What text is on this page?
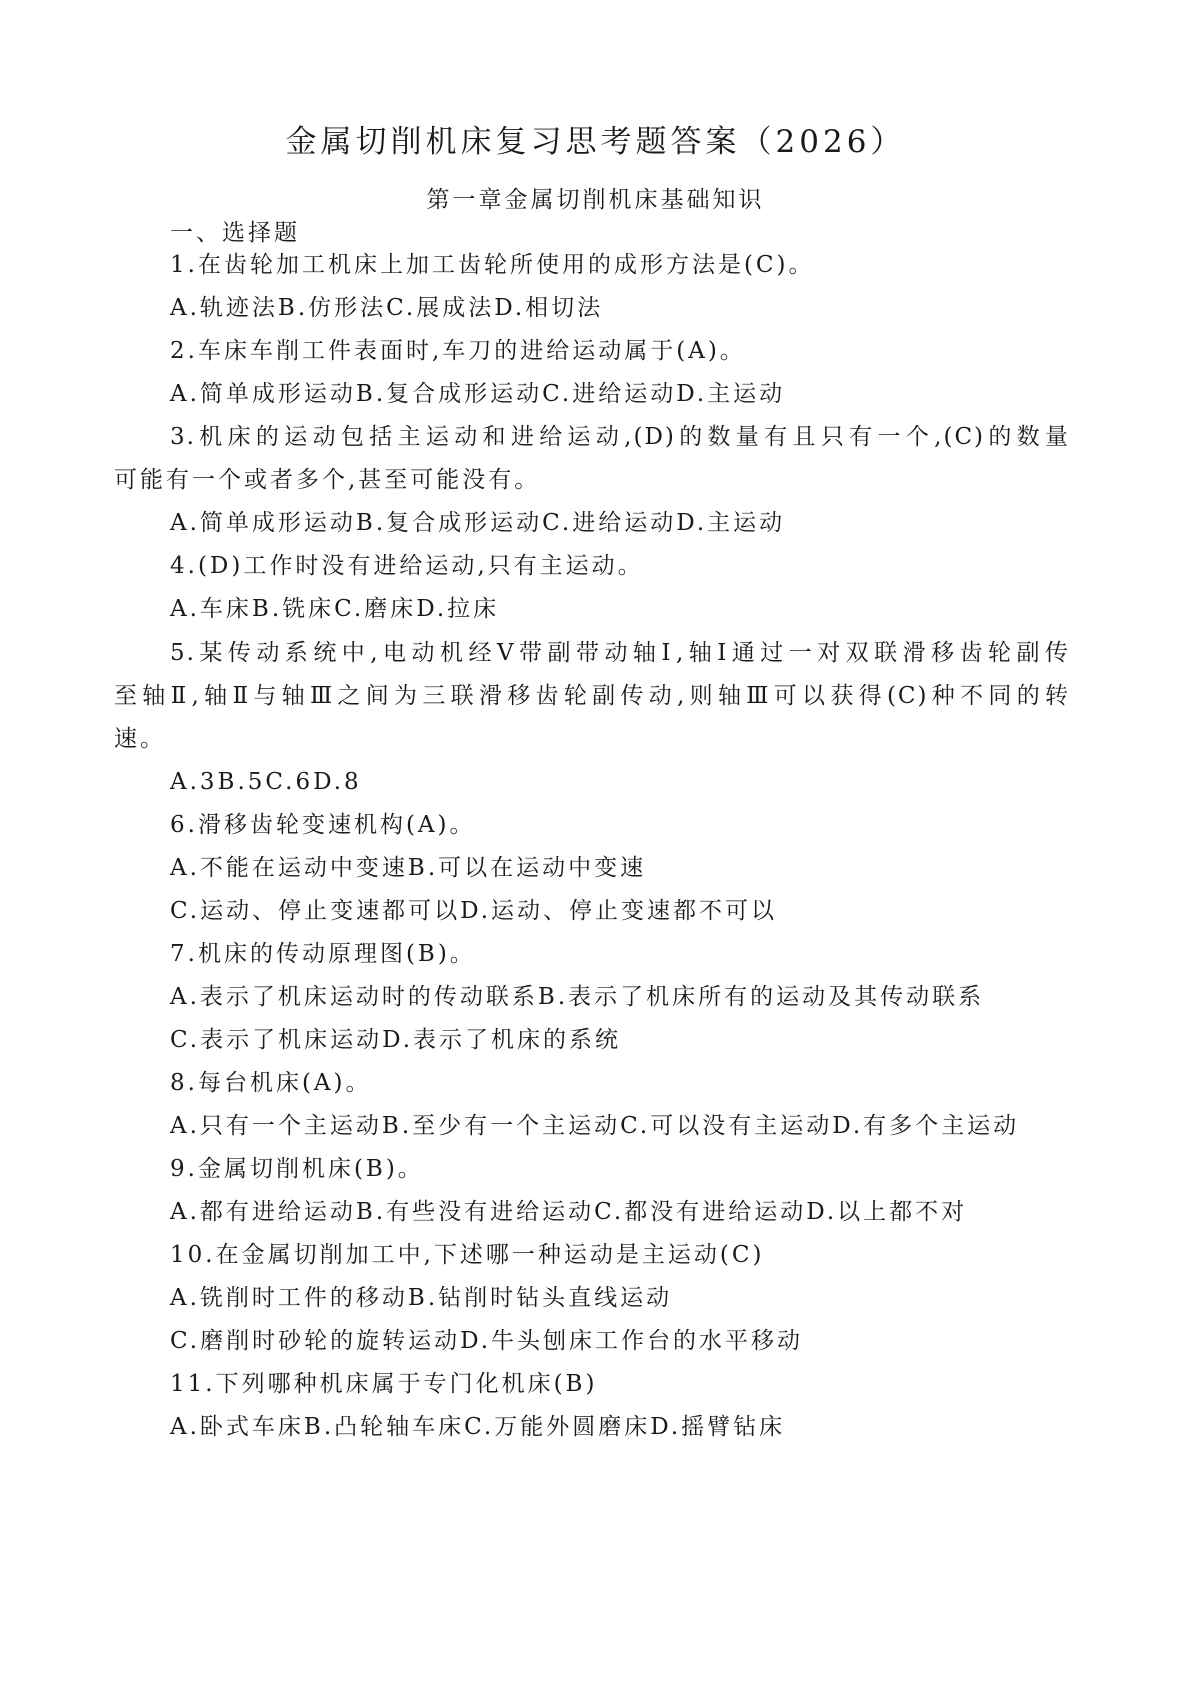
金属切削机床复习思考题答案（2026）
第一章金属切削机床基础知识
一、选择题
1.在齿轮加工机床上加工齿轮所使用的成形方法是(C)。
A.轨迹法B.仿形法C.展成法D.相切法
2.车床车削工件表面时,车刀的进给运动属于(A)。
A.简单成形运动B.复合成形运动C.进给运动D.主运动
3.机床的运动包括主运动和进给运动,(D)的数量有且只有一个,(C)的数量
可能有一个或者多个,甚至可能没有。
A.简单成形运动B.复合成形运动C.进给运动D.主运动
4.(D)工作时没有进给运动,只有主运动。
A.车床B.铣床C.磨床D.拉床
5.某传动系统中,电动机经V带副带动轴Ⅰ,轴Ⅰ通过一对双联滑移齿轮副传
至轴Ⅱ,轴Ⅱ与轴Ⅲ之间为三联滑移齿轮副传动,则轴Ⅲ可以获得(C)种不同的转
速。
A.3B.5C.6D.8
6.滑移齿轮变速机构(A)。
A.不能在运动中变速B.可以在运动中变速
C.运动、停止变速都可以D.运动、停止变速都不可以
7.机床的传动原理图(B)。
A.表示了机床运动时的传动联系B.表示了机床所有的运动及其传动联系
C.表示了机床运动D.表示了机床的系统
8.每台机床(A)。
A.只有一个主运动B.至少有一个主运动C.可以没有主运动D.有多个主运动
9.金属切削机床(B)。
A.都有进给运动B.有些没有进给运动C.都没有进给运动D.以上都不对
10.在金属切削加工中,下述哪一种运动是主运动(C)
A.铣削时工件的移动B.钻削时钻头直线运动
C.磨削时砂轮的旋转运动D.牛头刨床工作台的水平移动
11.下列哪种机床属于专门化机床(B)
A.卧式车床B.凸轮轴车床C.万能外圆磨床D.摇臂钻床
